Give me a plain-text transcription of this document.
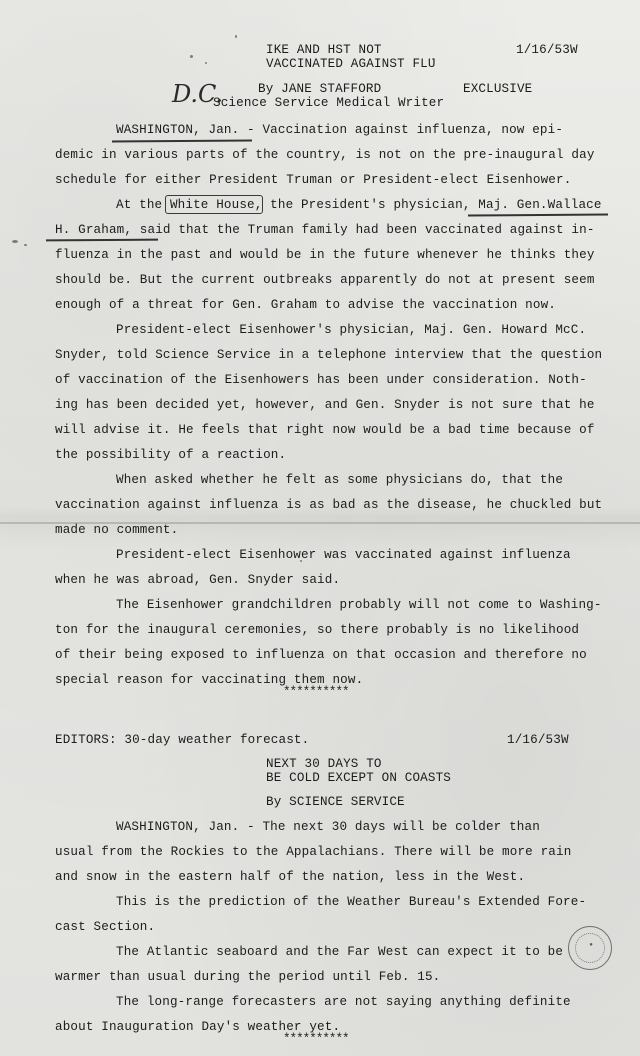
IKE AND HST NOT	1/16/53W
VACCINATED AGAINST FLU
By JANE STAFFORD	EXCLUSIVE
D.C.
Science Service Medical Writer
WASHINGTON, Jan. - Vaccination against influenza, now epi-
demic in various parts of the country, is not on the pre-inaugural day
schedule for either President Truman or President-elect Eisenhower.
At the White House, the President's physician, Maj. Gen.Wallace
H. Graham, said that the Truman family had been vaccinated against in-
fluenza in the past and would be in the future whenever he thinks they
should be. But the current outbreaks apparently do not at present seem
enough of a threat for Gen. Graham to advise the vaccination now.
President-elect Eisenhower's physician, Maj. Gen. Howard McC.
Snyder, told Science Service in a telephone interview that the question
of vaccination of the Eisenhowers has been under consideration. Noth-
ing has been decided yet, however, and Gen. Snyder is not sure that he
will advise it. He feels that right now would be a bad time because of
the possibility of a reaction.
When asked whether he felt as some physicians do, that the
vaccination against influenza is as bad as the disease, he chuckled but
made no comment.
President-elect Eisenhower was vaccinated against influenza
when he was abroad, Gen. Snyder said.
The Eisenhower grandchildren probably will not come to Washing-
ton for the inaugural ceremonies, so there probably is no likelihood
of their being exposed to influenza on that occasion and therefore no
special reason for vaccinating them now.
**********
EDITORS: 30-day weather forecast.	1/16/53W
NEXT 30 DAYS TO
BE COLD EXCEPT ON COASTS
By SCIENCE SERVICE
WASHINGTON, Jan. - The next 30 days will be colder than
usual from the Rockies to the Appalachians. There will be more rain
and snow in the eastern half of the nation, less in the West.
This is the prediction of the Weather Bureau's Extended Fore-
cast Section.
The Atlantic seaboard and the Far West can expect it to be
warmer than usual during the period until Feb. 15.
The long-range forecasters are not saying anything definite
about Inauguration Day's weather yet.
**********
●
